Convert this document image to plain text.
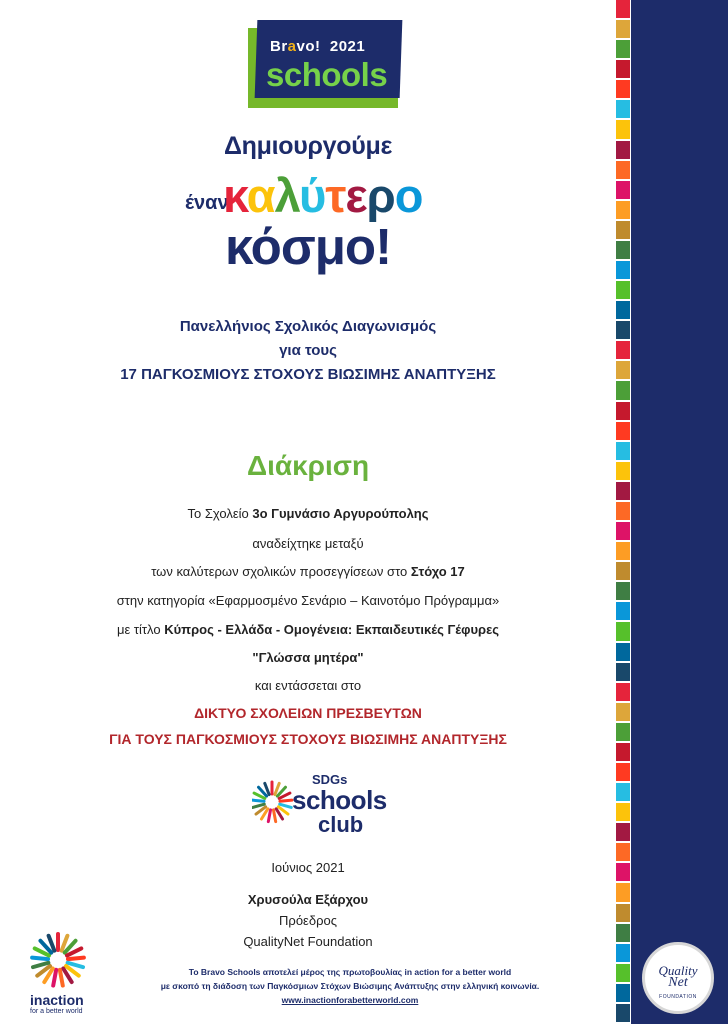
Bravo! 2021
schools
Δημιουργούμε
έναν
καλύτερο
κόσμο!
Πανελλήνιος Σχολικός Διαγωνισμός
για τους
17 ΠΑΓΚΟΣΜΙΟΥΣ ΣΤΟΧΟΥΣ ΒΙΩΣΙΜΗΣ ΑΝΑΠΤΥΞΗΣ
Διάκριση
Το Σχολείο 3ο Γυμνάσιο Αργυρούπολης
αναδείχτηκε μεταξύ
των καλύτερων σχολικών προσεγγίσεων στο Στόχο 17
στην κατηγορία «Εφαρμοσμένο Σενάριο – Καινοτόμο Πρόγραμμα»
με τίτλο Κύπρος - Ελλάδα - Ομογένεια: Εκπαιδευτικές Γέφυρες
"Γλώσσα μητέρα"
και εντάσσεται στο
ΔΙΚΤΥΟ ΣΧΟΛΕΙΩΝ ΠΡΕΣΒΕΥΤΩΝ
ΓΙΑ ΤΟΥΣ ΠΑΓΚΟΣΜΙΟΥΣ ΣΤΟΧΟΥΣ ΒΙΩΣΙΜΗΣ ΑΝΑΠΤΥΞΗΣ
SDGs
schools
club
Ιούνιος 2021
Χρυσούλα Εξάρχου
Πρόεδρος
QualityNet Foundation
Το Bravo Schools αποτελεί μέρος της πρωτοβουλίας in action for a better world
με σκοπό τη διάδοση των Παγκόσμιων Στόχων Βιώσιμης Ανάπτυξης στην ελληνική κοινωνία.
www.inactionforabetterworld.com
inaction
for a better world
Quality
Net
FOUNDATION
